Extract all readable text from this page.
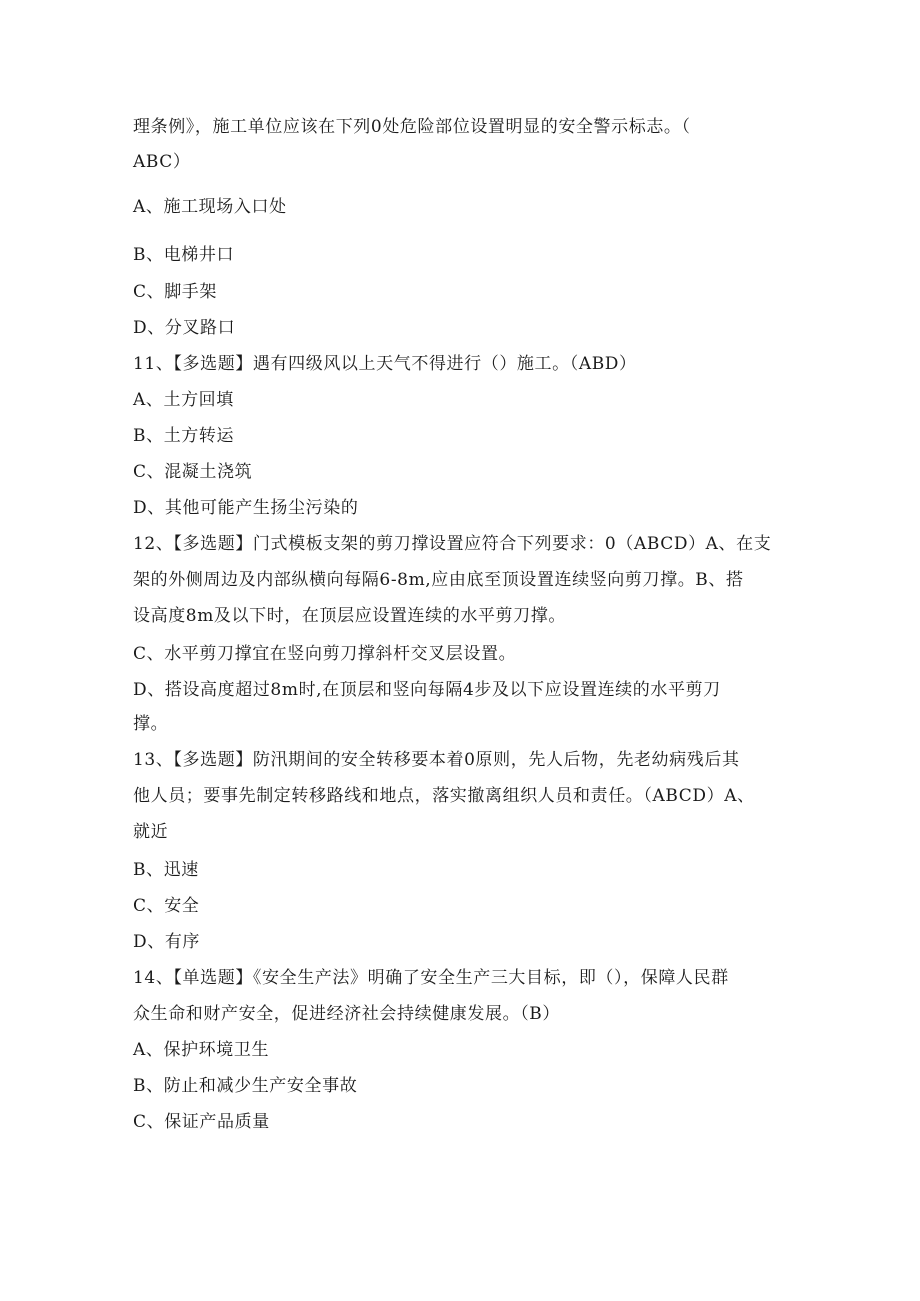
理条例》，施工单位应该在下列0处危险部位设置明显的安全警示标志。（
ABC）
A、施工现场入口处
B、电梯井口
C、脚手架
D、分叉路口
11、【多选题】遇有四级风以上天气不得进行（）施工。（ABD）
A、土方回填
B、土方转运
C、混凝土浇筑
D、其他可能产生扬尘污染的
12、【多选题】门式模板支架的剪刀撑设置应符合下列要求：0（ABCD）A、在支
架的外侧周边及内部纵横向每隔6-8m,应由底至顶设置连续竖向剪刀撑。B、搭
设高度8m及以下时，在顶层应设置连续的水平剪刀撑。
C、水平剪刀撑宜在竖向剪刀撑斜杆交叉层设置。
D、搭设高度超过8m时,在顶层和竖向每隔4步及以下应设置连续的水平剪刀
撑。
13、【多选题】防汛期间的安全转移要本着0原则，先人后物，先老幼病残后其
他人员；要事先制定转移路线和地点，落实撤离组织人员和责任。（ABCD）A、
就近
B、迅速
C、安全
D、有序
14、【单选题】《安全生产法》明确了安全生产三大目标，即（），保障人民群
众生命和财产安全，促进经济社会持续健康发展。（B）
A、保护环境卫生
B、防止和减少生产安全事故
C、保证产品质量
